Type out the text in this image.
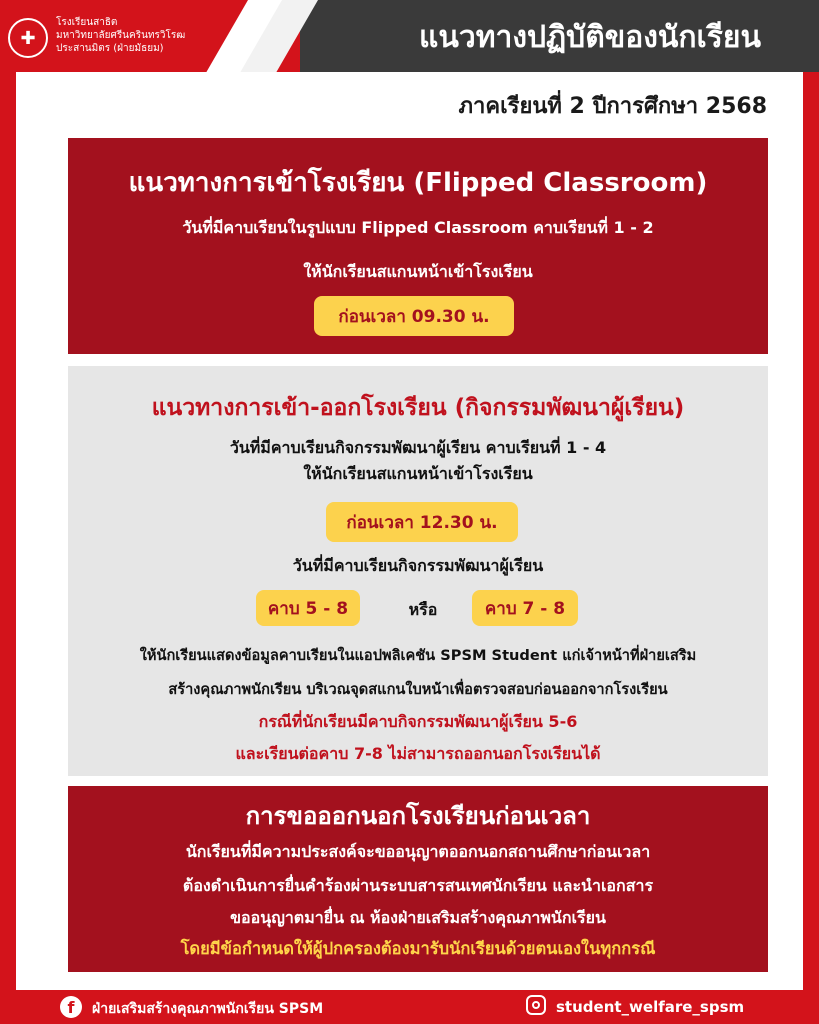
✚
โรงเรียนสาธิต
มหาวิทยาลัยศรีนครินทรวิโรฒ
ประสานมิตร (ฝ่ายมัธยม)	แนวทางปฏิบัติของนักเรียน
ภาคเรียนที่ 2 ปีการศึกษา 2568
แนวทางการเข้าโรงเรียน (Flipped Classroom)
วันที่มีคาบเรียนในรูปแบบ Flipped Classroom คาบเรียนที่ 1 - 2
ให้นักเรียนสแกนหน้าเข้าโรงเรียน
ก่อนเวลา 09.30 น.
แนวทางการเข้า-ออกโรงเรียน (กิจกรรมพัฒนาผู้เรียน)
วันที่มีคาบเรียนกิจกรรมพัฒนาผู้เรียน คาบเรียนที่ 1 - 4
ให้นักเรียนสแกนหน้าเข้าโรงเรียน
ก่อนเวลา 12.30 น.
วันที่มีคาบเรียนกิจกรรมพัฒนาผู้เรียน
คาบ 5 - 8	หรือ	คาบ 7 - 8
ให้นักเรียนแสดงข้อมูลคาบเรียนในแอปพลิเคชัน SPSM Student แก่เจ้าหน้าที่ฝ่ายเสริม
สร้างคุณภาพนักเรียน บริเวณจุดสแกนใบหน้าเพื่อตรวจสอบก่อนออกจากโรงเรียน
กรณีที่นักเรียนมีคาบกิจกรรมพัฒนาผู้เรียน 5-6
และเรียนต่อคาบ 7-8 ไม่สามารถออกนอกโรงเรียนได้
การขอออกนอกโรงเรียนก่อนเวลา
นักเรียนที่มีความประสงค์จะขออนุญาตออกนอกสถานศึกษาก่อนเวลา
ต้องดำเนินการยื่นคำร้องผ่านระบบสารสนเทศนักเรียน และนำเอกสาร
ขออนุญาตมายื่น ณ ห้องฝ่ายเสริมสร้างคุณภาพนักเรียน
โดยมีข้อกำหนดให้ผู้ปกครองต้องมารับนักเรียนด้วยตนเองในทุกกรณี
f	ฝ่ายเสริมสร้างคุณภาพนักเรียน SPSM	student_welfare_spsm
